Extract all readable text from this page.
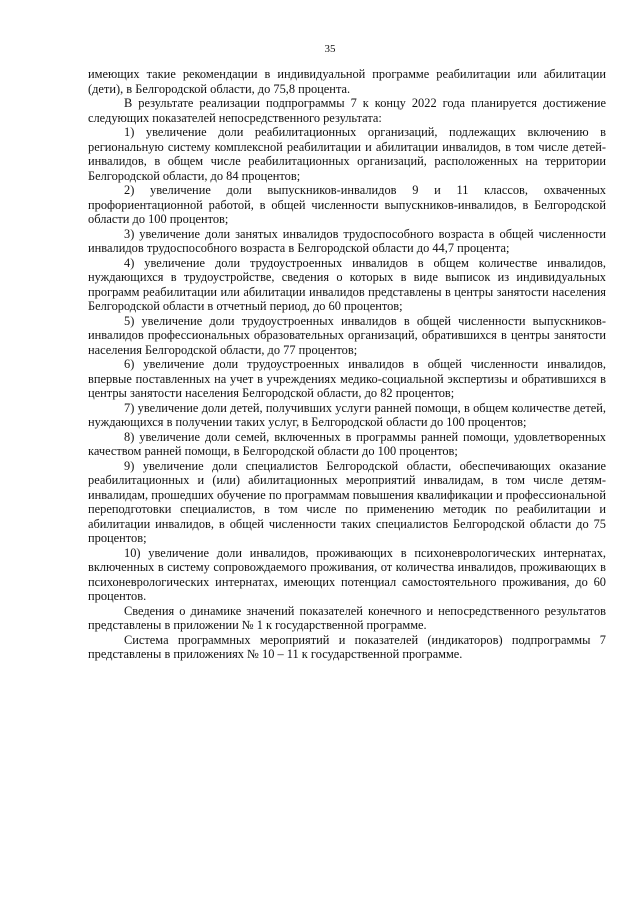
35

имеющих такие рекомендации в индивидуальной программе реабилитации или абилитации (дети), в Белгородской области, до 75,8 процента.

В результате реализации подпрограммы 7 к концу 2022 года планируется достижение следующих показателей непосредственного результата:

1) увеличение доли реабилитационных организаций, подлежащих включению в региональную систему комплексной реабилитации и абилитации инвалидов, в том числе детей-инвалидов, в общем числе реабилитационных организаций, расположенных на территории Белгородской области, до 84 процентов;

2) увеличение доли выпускников-инвалидов 9 и 11 классов, охваченных профориентационной работой, в общей численности выпускников-инвалидов, в Белгородской области до 100 процентов;

3) увеличение доли занятых инвалидов трудоспособного возраста в общей численности инвалидов трудоспособного возраста в Белгородской области до 44,7 процента;

4) увеличение доли трудоустроенных инвалидов в общем количестве инвалидов, нуждающихся в трудоустройстве, сведения о которых в виде выписок из индивидуальных программ реабилитации или абилитации инвалидов представлены в центры занятости населения Белгородской области в отчетный период, до 60 процентов;

5) увеличение доли трудоустроенных инвалидов в общей численности выпускников-инвалидов профессиональных образовательных организаций, обратившихся в центры занятости населения Белгородской области, до 77 процентов;

6) увеличение доли трудоустроенных инвалидов в общей численности инвалидов, впервые поставленных на учет в учреждениях медико-социальной экспертизы и обратившихся в центры занятости населения Белгородской области, до 82 процентов;

7) увеличение доли детей, получивших услуги ранней помощи, в общем количестве детей, нуждающихся в получении таких услуг, в Белгородской области до 100 процентов;

8) увеличение доли семей, включенных в программы ранней помощи, удовлетворенных качеством ранней помощи, в Белгородской области до 100 процентов;

9) увеличение доли специалистов Белгородской области, обеспечивающих оказание реабилитационных и (или) абилитационных мероприятий инвалидам, в том числе детям-инвалидам, прошедших обучение по программам повышения квалификации и профессиональной переподготовки специалистов, в том числе по применению методик по реабилитации и абилитации инвалидов, в общей численности таких специалистов Белгородской области до 75 процентов;

10) увеличение доли инвалидов, проживающих в психоневрологических интернатах, включенных в систему сопровождаемого проживания, от количества инвалидов, проживающих в психоневрологических интернатах, имеющих потенциал самостоятельного проживания, до 60 процентов.

Сведения о динамике значений показателей конечного и непосредственного результатов представлены в приложении № 1 к государственной программе.

Система программных мероприятий и показателей (индикаторов) подпрограммы 7 представлены в приложениях № 10 – 11 к государственной программе.
